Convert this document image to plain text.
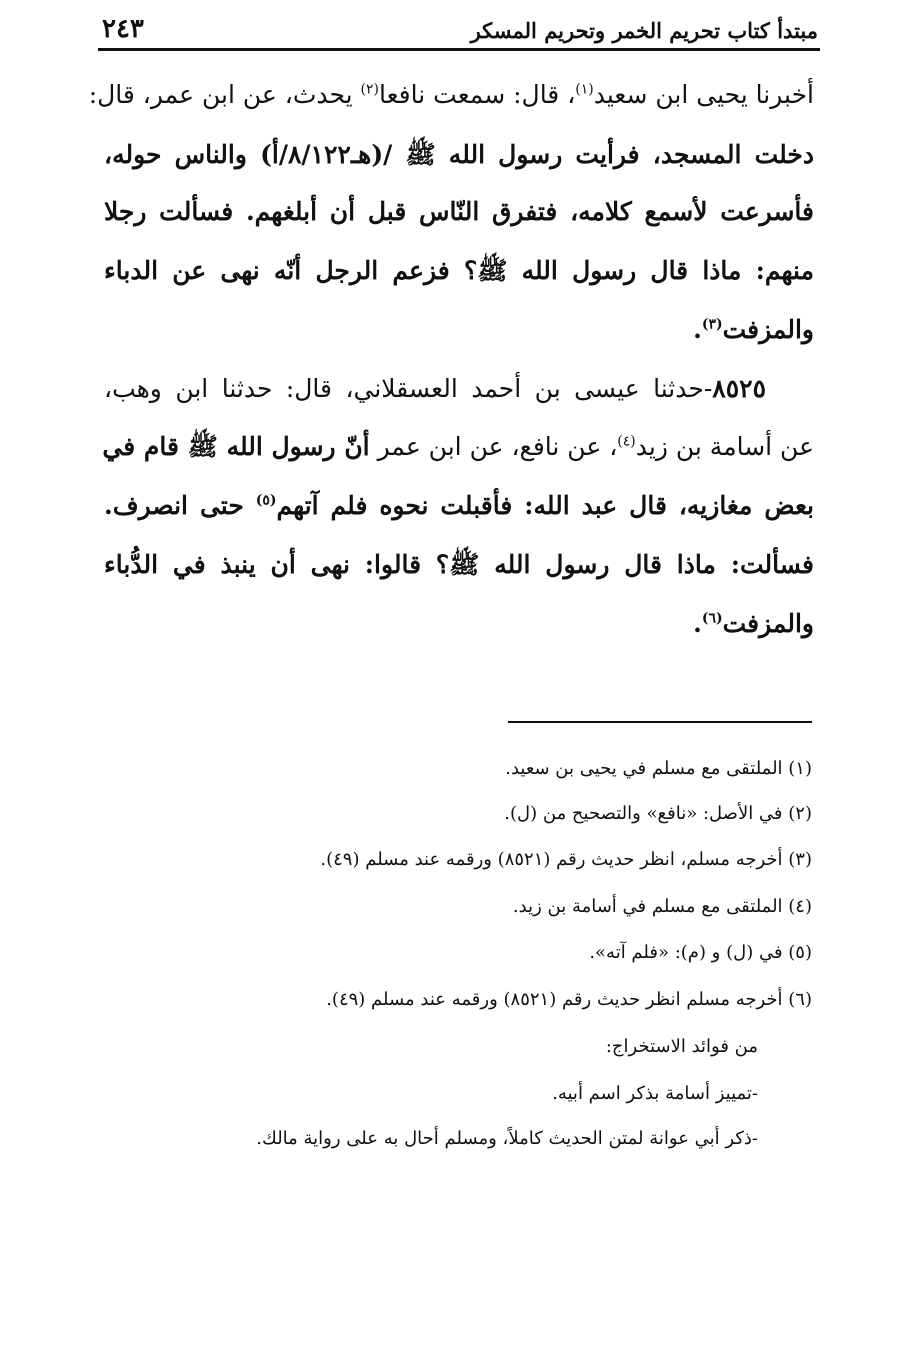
مبتدأ كتاب تحريم الخمر وتحريم المسكر
٢٤٣
أخبرنا يحيى ابن سعيد$^{(١)}$، قال: سمعت نافعا$^{(٢)}$ يحدث، عن ابن عمر، قال:
دخلت المسجد، فرأيت رسول الله ﷺ /(هـ٨/١٢٢/أ) والناس حوله،
فأسرعت لأسمع كلامه، فتفرق النّاس قبل أن أبلغهم. فسألت رجلا
منهم: ماذا قال رسول الله ﷺ؟ فزعم الرجل أنّه نهى عن الدباء
والمزفت$^{(٣)}$.
٨٥٢٥-حدثنا عيسى بن أحمد العسقلاني، قال: حدثنا ابن وهب،
عن أسامة بن زيد$^{(٤)}$، عن نافع، عن ابن عمر أنّ رسول الله ﷺ قام في
بعض مغازيه، قال عبد الله: فأقبلت نحوه فلم آتهم$^{(٥)}$ حتى انصرف.
فسألت: ماذا قال رسول الله ﷺ؟ قالوا: نهى أن ينبذ في الدُّباء
والمزفت$^{(٦)}$.
(١) الملتقى مع مسلم في يحيى بن سعيد.
(٢) في الأصل: «نافع» والتصحيح من (ل).
(٣) أخرجه مسلم، انظر حديث رقم (٨٥٢١) ورقمه عند مسلم (٤٩).
(٤) الملتقى مع مسلم في أسامة بن زيد.
(٥) في (ل) و (م): «فلم آته».
(٦) أخرجه مسلم انظر حديث رقم (٨٥٢١) ورقمه عند مسلم (٤٩).
من فوائد الاستخراج:
-تمييز أسامة بذكر اسم أبيه.
-ذكر أبي عوانة لمتن الحديث كاملاً، ومسلم أحال به على رواية مالك.
